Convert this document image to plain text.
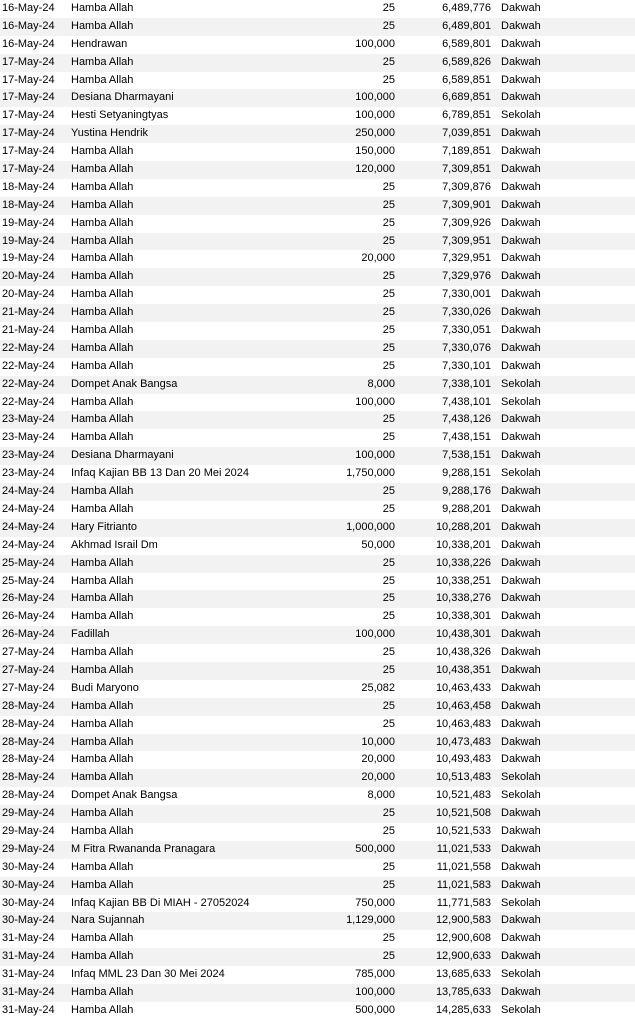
16-May-24	Hamba Allah	25	6,489,776 Dakwah
16-May-24	Hamba Allah	25	6,489,801 Dakwah
16-May-24	Hendrawan	100,000	6,589,801 Dakwah
17-May-24	Hamba Allah	25	6,589,826 Dakwah
17-May-24	Hamba Allah	25	6,589,851 Dakwah
17-May-24	Desiana Dharmayani	100,000	6,689,851 Dakwah
17-May-24	Hesti Setyaningtyas	100,000	6,789,851 Sekolah
17-May-24	Yustina Hendrik	250,000	7,039,851 Dakwah
17-May-24	Hamba Allah	150,000	7,189,851 Dakwah
17-May-24	Hamba Allah	120,000	7,309,851 Dakwah
18-May-24	Hamba Allah	25	7,309,876 Dakwah
18-May-24	Hamba Allah	25	7,309,901 Dakwah
19-May-24	Hamba Allah	25	7,309,926 Dakwah
19-May-24	Hamba Allah	25	7,309,951 Dakwah
19-May-24	Hamba Allah	20,000	7,329,951 Dakwah
20-May-24	Hamba Allah	25	7,329,976 Dakwah
20-May-24	Hamba Allah	25	7,330,001 Dakwah
21-May-24	Hamba Allah	25	7,330,026 Dakwah
21-May-24	Hamba Allah	25	7,330,051 Dakwah
22-May-24	Hamba Allah	25	7,330,076 Dakwah
22-May-24	Hamba Allah	25	7,330,101 Dakwah
22-May-24	Dompet Anak Bangsa	8,000	7,338,101 Sekolah
22-May-24	Hamba Allah	100,000	7,438,101 Sekolah
23-May-24	Hamba Allah	25	7,438,126 Dakwah
23-May-24	Hamba Allah	25	7,438,151 Dakwah
23-May-24	Desiana Dharmayani	100,000	7,538,151 Dakwah
23-May-24	Infaq Kajian BB 13 Dan 20 Mei 2024	1,750,000	9,288,151 Sekolah
24-May-24	Hamba Allah	25	9,288,176 Dakwah
24-May-24	Hamba Allah	25	9,288,201 Dakwah
24-May-24	Hary Fitrianto	1,000,000	10,288,201 Dakwah
24-May-24	Akhmad Israil Dm	50,000	10,338,201 Dakwah
25-May-24	Hamba Allah	25	10,338,226 Dakwah
25-May-24	Hamba Allah	25	10,338,251 Dakwah
26-May-24	Hamba Allah	25	10,338,276 Dakwah
26-May-24	Hamba Allah	25	10,338,301 Dakwah
26-May-24	Fadillah	100,000	10,438,301 Dakwah
27-May-24	Hamba Allah	25	10,438,326 Dakwah
27-May-24	Hamba Allah	25	10,438,351 Dakwah
27-May-24	Budi Maryono	25,082	10,463,433 Dakwah
28-May-24	Hamba Allah	25	10,463,458 Dakwah
28-May-24	Hamba Allah	25	10,463,483 Dakwah
28-May-24	Hamba Allah	10,000	10,473,483 Dakwah
28-May-24	Hamba Allah	20,000	10,493,483 Dakwah
28-May-24	Hamba Allah	20,000	10,513,483 Sekolah
28-May-24	Dompet Anak Bangsa	8,000	10,521,483 Sekolah
29-May-24	Hamba Allah	25	10,521,508 Dakwah
29-May-24	Hamba Allah	25	10,521,533 Dakwah
29-May-24	M Fitra Rwananda Pranagara	500,000	11,021,533 Dakwah
30-May-24	Hamba Allah	25	11,021,558 Dakwah
30-May-24	Hamba Allah	25	11,021,583 Dakwah
30-May-24	Infaq Kajian BB Di MIAH - 27052024	750,000	11,771,583 Sekolah
30-May-24	Nara Sujannah	1,129,000	12,900,583 Dakwah
31-May-24	Hamba Allah	25	12,900,608 Dakwah
31-May-24	Hamba Allah	25	12,900,633 Dakwah
31-May-24	Infaq MML 23 Dan 30 Mei 2024	785,000	13,685,633 Sekolah
31-May-24	Hamba Allah	100,000	13,785,633 Dakwah
31-May-24	Hamba Allah	500,000	14,285,633 Sekolah
